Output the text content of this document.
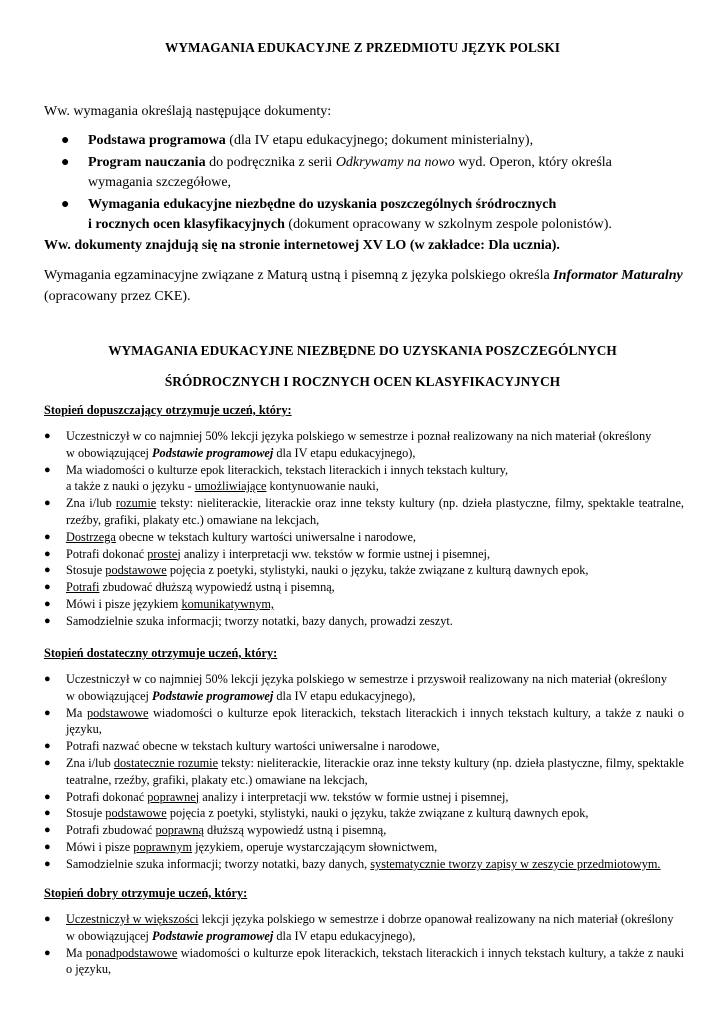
WYMAGANIA EDUKACYJNE Z PRZEDMIOTU JĘZYK POLSKI
Ww. wymagania określają następujące dokumenty:
● Podstawa programowa (dla IV etapu edukacyjnego; dokument ministerialny),
● Program nauczania do podręcznika z serii Odkrywamy na nowo wyd. Operon, który określa
wymagania szczegółowe,
● Wymagania edukacyjne niezbędne do uzyskania poszczególnych śródrocznych
i rocznych ocen klasyfikacyjnych (dokument opracowany w szkolnym zespole polonistów).
Ww. dokumenty znajdują się na stronie internetowej XV LO (w zakładce: Dla ucznia).
Wymagania egzaminacyjne związane z Maturą ustną i pisemną z języka polskiego określa Informator Maturalny
(opracowany przez CKE).
WYMAGANIA EDUKACYJNE NIEZBĘDNE DO UZYSKANIA POSZCZEGÓLNYCH
ŚRÓDROCZNYCH I ROCZNYCH OCEN KLASYFIKACYJNYCH
Stopień dopuszczający otrzymuje uczeń, który:
● Uczestniczył w co najmniej 50% lekcji języka polskiego w semestrze i poznał realizowany na nich materiał (określony
w obowiązującej Podstawie programowej dla IV etapu edukacyjnego),
● Ma wiadomości o kulturze epok literackich, tekstach literackich i innych tekstach kultury,
a także z nauki o języku - umożliwiające kontynuowanie nauki,
● Zna i/lub rozumie teksty: nieliterackie, literackie oraz inne teksty kultury (np. dzieła plastyczne, filmy, spektakle teatralne, rzeźby, grafiki, plakaty etc.) omawiane na lekcjach,
● Dostrzega obecne w tekstach kultury wartości uniwersalne i narodowe,
● Potrafi dokonać prostej analizy i interpretacji ww. tekstów w formie ustnej i pisemnej,
● Stosuje podstawowe pojęcia z poetyki, stylistyki, nauki o języku, także związane z kulturą dawnych epok,
● Potrafi zbudować dłuższą wypowiedź ustną i pisemną,
● Mówi i pisze językiem komunikatywnym,
● Samodzielnie szuka informacji; tworzy notatki, bazy danych, prowadzi zeszyt.
Stopień dostateczny otrzymuje uczeń, który:
● Uczestniczył w co najmniej 50% lekcji języka polskiego w semestrze i przyswoił realizowany na nich materiał (określony
w obowiązującej Podstawie programowej dla IV etapu edukacyjnego),
● Ma podstawowe wiadomości o kulturze epok literackich, tekstach literackich i innych tekstach kultury, a także z nauki o języku,
● Potrafi nazwać obecne w tekstach kultury wartości uniwersalne i narodowe,
● Zna i/lub dostatecznie rozumie teksty: nieliterackie, literackie oraz inne teksty kultury (np. dzieła plastyczne, filmy, spektakle teatralne, rzeźby, grafiki, plakaty etc.) omawiane na lekcjach,
● Potrafi dokonać poprawnej analizy i interpretacji ww. tekstów w formie ustnej i pisemnej,
● Stosuje podstawowe pojęcia z poetyki, stylistyki, nauki o języku, także związane z kulturą dawnych epok,
● Potrafi zbudować poprawną dłuższą wypowiedź ustną i pisemną,
● Mówi i pisze poprawnym językiem, operuje wystarczającym słownictwem,
● Samodzielnie szuka informacji; tworzy notatki, bazy danych, systematycznie tworzy zapisy w zeszycie przedmiotowym.
Stopień dobry otrzymuje uczeń, który:
● Uczestniczył w większości lekcji języka polskiego w semestrze i dobrze opanował realizowany na nich materiał (określony
w obowiązującej Podstawie programowej dla IV etapu edukacyjnego),
● Ma ponadpodstawowe wiadomości o kulturze epok literackich, tekstach literackich i innych tekstach kultury, a także z nauki o języku,
